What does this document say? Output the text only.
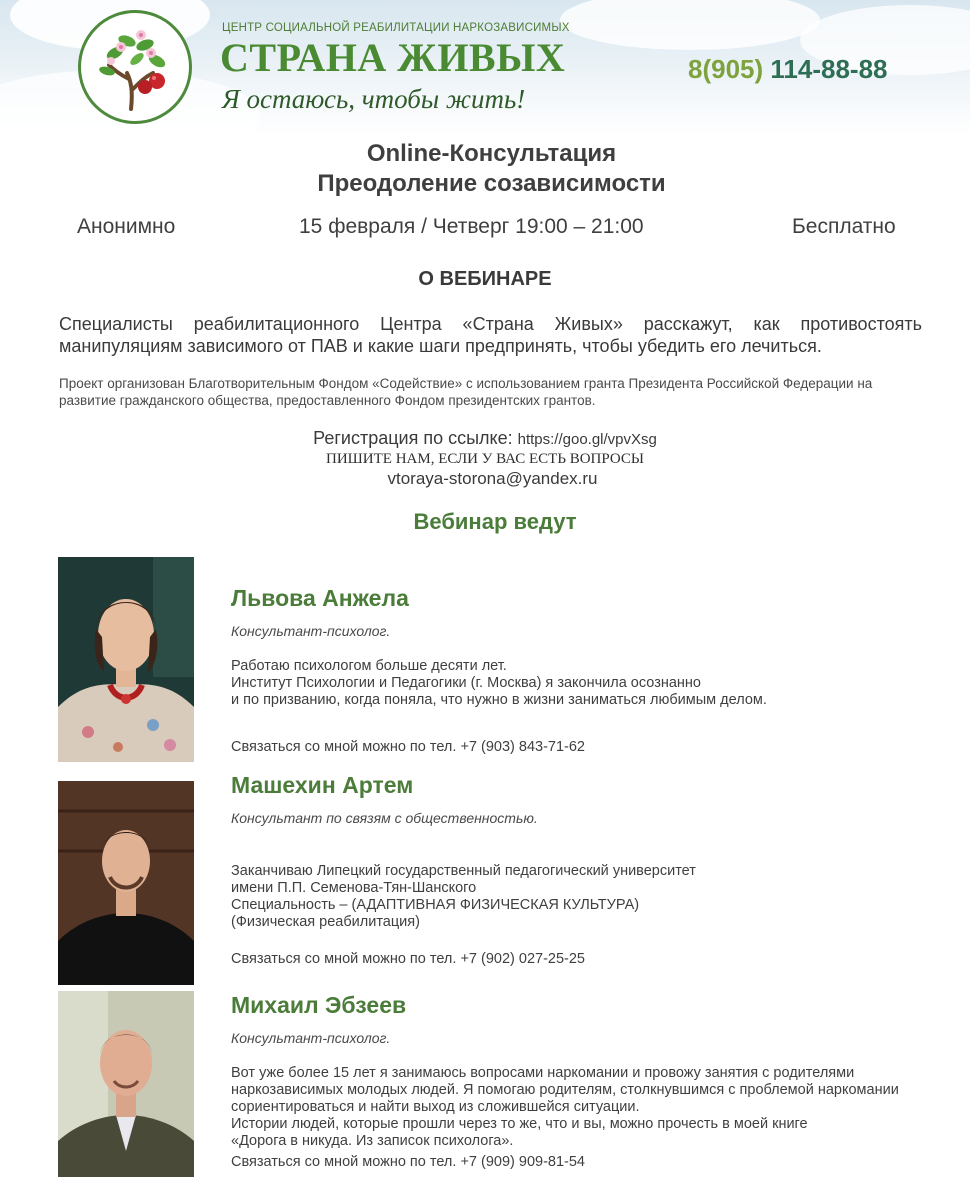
ЦЕНТР СОЦИАЛЬНОЙ РЕАБИЛИТАЦИИ НАРКОЗАВИСИМЫХ
СТРАНА ЖИВЫХ
Я остаюсь, чтобы жить!
8(905) 114-88-88
Online-Консультация
Преодоление созависимости
Анонимно	15 февраля / Четверг 19:00 – 21:00	Бесплатно
О ВЕБИНАРЕ
Специалисты реабилитационного Центра «Страна Живых» расскажут, как противостоять манипуляциям зависимого от ПАВ и какие шаги предпринять, чтобы убедить его лечиться.
Проект организован Благотворительным Фондом «Содействие» с использованием гранта Президента Российской Федерации на
развитие гражданского общества, предоставленного Фондом президентских грантов.
Регистрация по ссылке: https://goo.gl/vpvXsg
ПИШИТЕ НАМ, ЕСЛИ У ВАС ЕСТЬ ВОПРОСЫ
vtoraya-storona@yandex.ru
Вебинар ведут
Львова Анжела
Консультант-психолог.
Работаю психологом больше десяти лет.
Институт Психологии и Педагогики (г. Москва) я закончила осознанно
и по призванию, когда поняла, что нужно в жизни заниматься любимым делом.
Связаться со мной можно по тел. +7 (903) 843-71-62
Машехин Артем
Консультант по связям с общественностью.
Заканчиваю Липецкий государственный педагогический университет
имени П.П. Семенова-Тян-Шанского
Специальность – (АДАПТИВНАЯ ФИЗИЧЕСКАЯ КУЛЬТУРА)
(Физическая реабилитация)
Связаться со мной можно по тел. +7 (902) 027-25-25
Михаил Эбзеев
Консультант-психолог.
Вот уже более 15 лет я занимаюсь вопросами наркомании и провожу занятия с родителями
наркозависимых молодых людей. Я помогаю родителям, столкнувшимся с проблемой наркомании
сориентироваться и найти выход из сложившейся ситуации.
Истории людей, которые прошли через то же, что и вы, можно прочесть в моей книге
«Дорога в никуда. Из записок психолога».
Связаться со мной можно по тел. +7 (909) 909-81-54
